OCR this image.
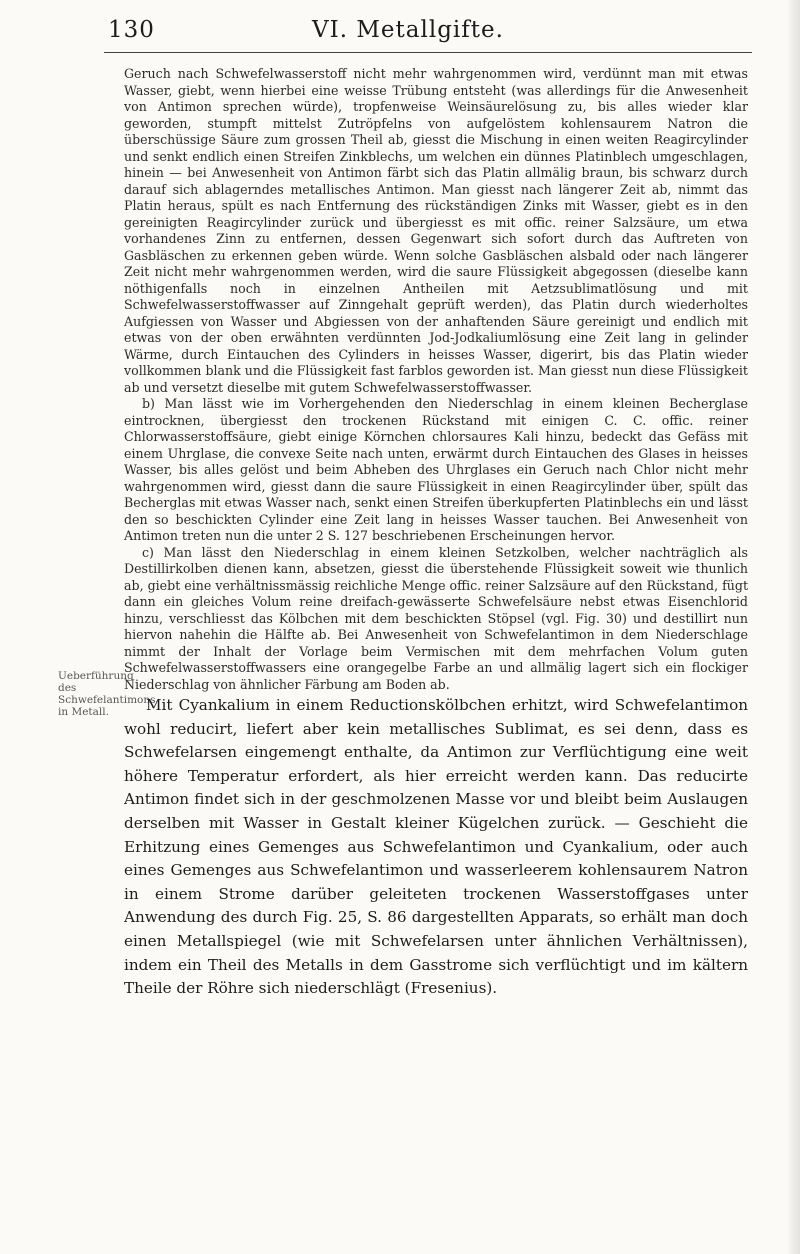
130	VI. Metallgifte.
Ueberführung des Schwefelantimons in Metall.

Geruch nach Schwefelwasserstoff nicht mehr wahrgenommen wird, verdünnt man mit etwas Wasser, giebt, wenn hierbei eine weisse Trübung entsteht (was allerdings für die Anwesenheit von Antimon sprechen würde), tropfenweise Weinsäurelösung zu, bis alles wieder klar geworden, stumpft mittelst Zutröpfelns von aufgelöstem kohlensaurem Natron die überschüssige Säure zum grossen Theil ab, giesst die Mischung in einen weiten Reagircylinder und senkt endlich einen Streifen Zinkblechs, um welchen ein dünnes Platinblech umgeschlagen, hinein — bei Anwesenheit von Antimon färbt sich das Platin allmälig braun, bis schwarz durch darauf sich ablagerndes metallisches Antimon. Man giesst nach längerer Zeit ab, nimmt das Platin heraus, spült es nach Entfernung des rückständigen Zinks mit Wasser, giebt es in den gereinigten Reagircylinder zurück und übergiesst es mit offic. reiner Salzsäure, um etwa vorhandenes Zinn zu entfernen, dessen Gegenwart sich sofort durch das Auftreten von Gasbläschen zu erkennen geben würde. Wenn solche Gasbläschen alsbald oder nach längerer Zeit nicht mehr wahrgenommen werden, wird die saure Flüssigkeit abgegossen (dieselbe kann nöthigenfalls noch in einzelnen Antheilen mit Aetzsublimatlösung und mit Schwefelwasserstoffwasser auf Zinngehalt geprüft werden), das Platin durch wiederholtes Aufgiessen von Wasser und Abgiessen von der anhaftenden Säure gereinigt und endlich mit etwas von der oben erwähnten verdünnten Jod-Jodkaliumlösung eine Zeit lang in gelinder Wärme, durch Eintauchen des Cylinders in heisses Wasser, digerirt, bis das Platin wieder vollkommen blank und die Flüssigkeit fast farblos geworden ist. Man giesst nun diese Flüssigkeit ab und versetzt dieselbe mit gutem Schwefelwasserstoffwasser.

b) Man lässt wie im Vorhergehenden den Niederschlag in einem kleinen Becherglase eintrocknen, übergiesst den trockenen Rückstand mit einigen C. C. offic. reiner Chlorwasserstoffsäure, giebt einige Körnchen chlorsaures Kali hinzu, bedeckt das Gefäss mit einem Uhrglase, die convexe Seite nach unten, erwärmt durch Eintauchen des Glases in heisses Wasser, bis alles gelöst und beim Abheben des Uhrglases ein Geruch nach Chlor nicht mehr wahrgenommen wird, giesst dann die saure Flüssigkeit in einen Reagircylinder über, spült das Becherglas mit etwas Wasser nach, senkt einen Streifen überkupferten Platinblechs ein und lässt den so beschickten Cylinder eine Zeit lang in heisses Wasser tauchen. Bei Anwesenheit von Antimon treten nun die unter 2 S. 127 beschriebenen Erscheinungen hervor.

c) Man lässt den Niederschlag in einem kleinen Setzkolben, welcher nachträglich als Destillirkolben dienen kann, absetzen, giesst die überstehende Flüssigkeit soweit wie thunlich ab, giebt eine verhältnissmässig reichliche Menge offic. reiner Salzsäure auf den Rückstand, fügt dann ein gleiches Volum reine dreifach-gewässerte Schwefelsäure nebst etwas Eisenchlorid hinzu, verschliesst das Kölbchen mit dem beschickten Stöpsel (vgl. Fig. 30) und destillirt nun hiervon nahehin die Hälfte ab. Bei Anwesenheit von Schwefelantimon in dem Niederschlage nimmt der Inhalt der Vorlage beim Vermischen mit dem mehrfachen Volum guten Schwefelwasserstoffwassers eine orangegelbe Farbe an und allmälig lagert sich ein flockiger Niederschlag von ähnlicher Färbung am Boden ab.

Mit Cyankalium in einem Reductionskölbchen erhitzt, wird Schwefelantimon wohl reducirt, liefert aber kein metallisches Sublimat, es sei denn, dass es Schwefelarsen eingemengt enthalte, da Antimon zur Verflüchtigung eine weit höhere Temperatur erfordert, als hier erreicht werden kann. Das reducirte Antimon findet sich in der geschmolzenen Masse vor und bleibt beim Auslaugen derselben mit Wasser in Gestalt kleiner Kügelchen zurück. — Geschieht die Erhitzung eines Gemenges aus Schwefelantimon und Cyankalium, oder auch eines Gemenges aus Schwefelantimon und wasserleerem kohlensaurem Natron in einem Strome darüber geleiteten trockenen Wasserstoffgases unter Anwendung des durch Fig. 25, S. 86 dargestellten Apparats, so erhält man doch einen Metallspiegel (wie mit Schwefelarsen unter ähnlichen Verhältnissen), indem ein Theil des Metalls in dem Gasstrome sich verflüchtigt und im kältern Theile der Röhre sich niederschlägt (Fresenius).
